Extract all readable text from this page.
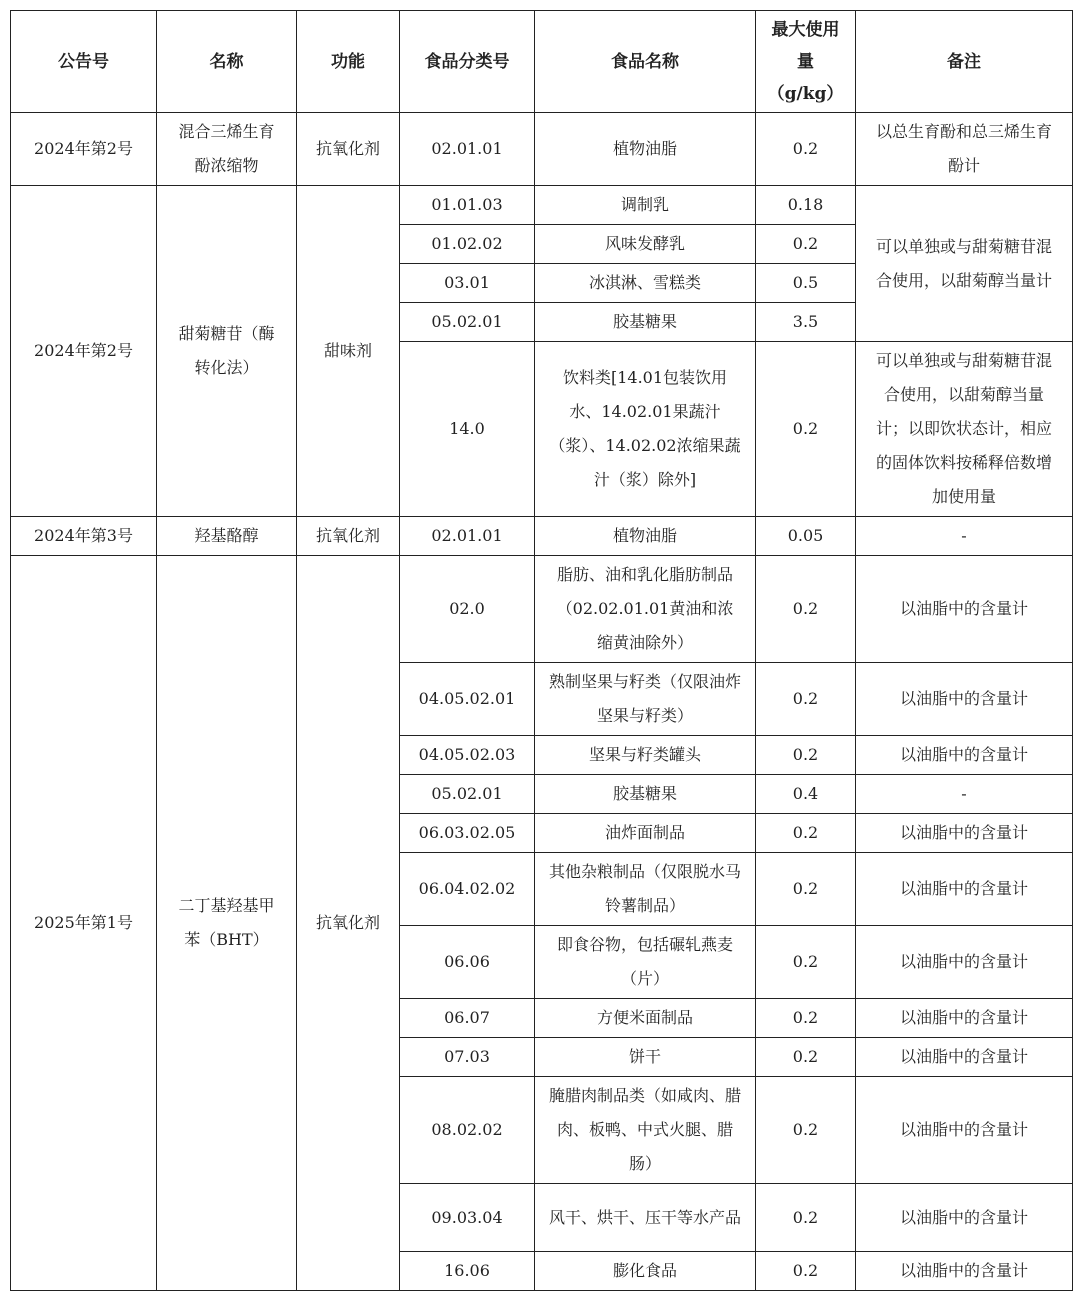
公告号	名称	功能	食品分类号	食品名称	最大使用量（g/kg）	备注
2024年第2号	混合三烯生育酚浓缩物	抗氧化剂	02.01.01	植物油脂	0.2	以总生育酚和总三烯生育酚计
2024年第2号	甜菊糖苷（酶转化法）	甜味剂	01.01.03	调制乳	0.18	可以单独或与甜菊糖苷混合使用，以甜菊醇当量计
			01.02.02	风味发酵乳	0.2	
			03.01	冰淇淋、雪糕类	0.5	
			05.02.01	胶基糖果	3.5	
			14.0	饮料类[14.01包装饮用水、14.02.01果蔬汁（浆）、14.02.02浓缩果蔬汁（浆）除外]	0.2	可以单独或与甜菊糖苷混合使用，以甜菊醇当量计；以即饮状态计，相应的固体饮料按稀释倍数增加使用量
2024年第3号	羟基酪醇	抗氧化剂	02.01.01	植物油脂	0.05	-
2025年第1号	二丁基羟基甲苯（BHT）	抗氧化剂	02.0	脂肪、油和乳化脂肪制品（02.02.01.01黄油和浓缩黄油除外）	0.2	以油脂中的含量计
			04.05.02.01	熟制坚果与籽类（仅限油炸坚果与籽类）	0.2	以油脂中的含量计
			04.05.02.03	坚果与籽类罐头	0.2	以油脂中的含量计
			05.02.01	胶基糖果	0.4	-
			06.03.02.05	油炸面制品	0.2	以油脂中的含量计
			06.04.02.02	其他杂粮制品（仅限脱水马铃薯制品）	0.2	以油脂中的含量计
			06.06	即食谷物，包括碾轧燕麦（片）	0.2	以油脂中的含量计
			06.07	方便米面制品	0.2	以油脂中的含量计
			07.03	饼干	0.2	以油脂中的含量计
			08.02.02	腌腊肉制品类（如咸肉、腊肉、板鸭、中式火腿、腊肠）	0.2	以油脂中的含量计
			09.03.04	风干、烘干、压干等水产品	0.2	以油脂中的含量计
			16.06	膨化食品	0.2	以油脂中的含量计
